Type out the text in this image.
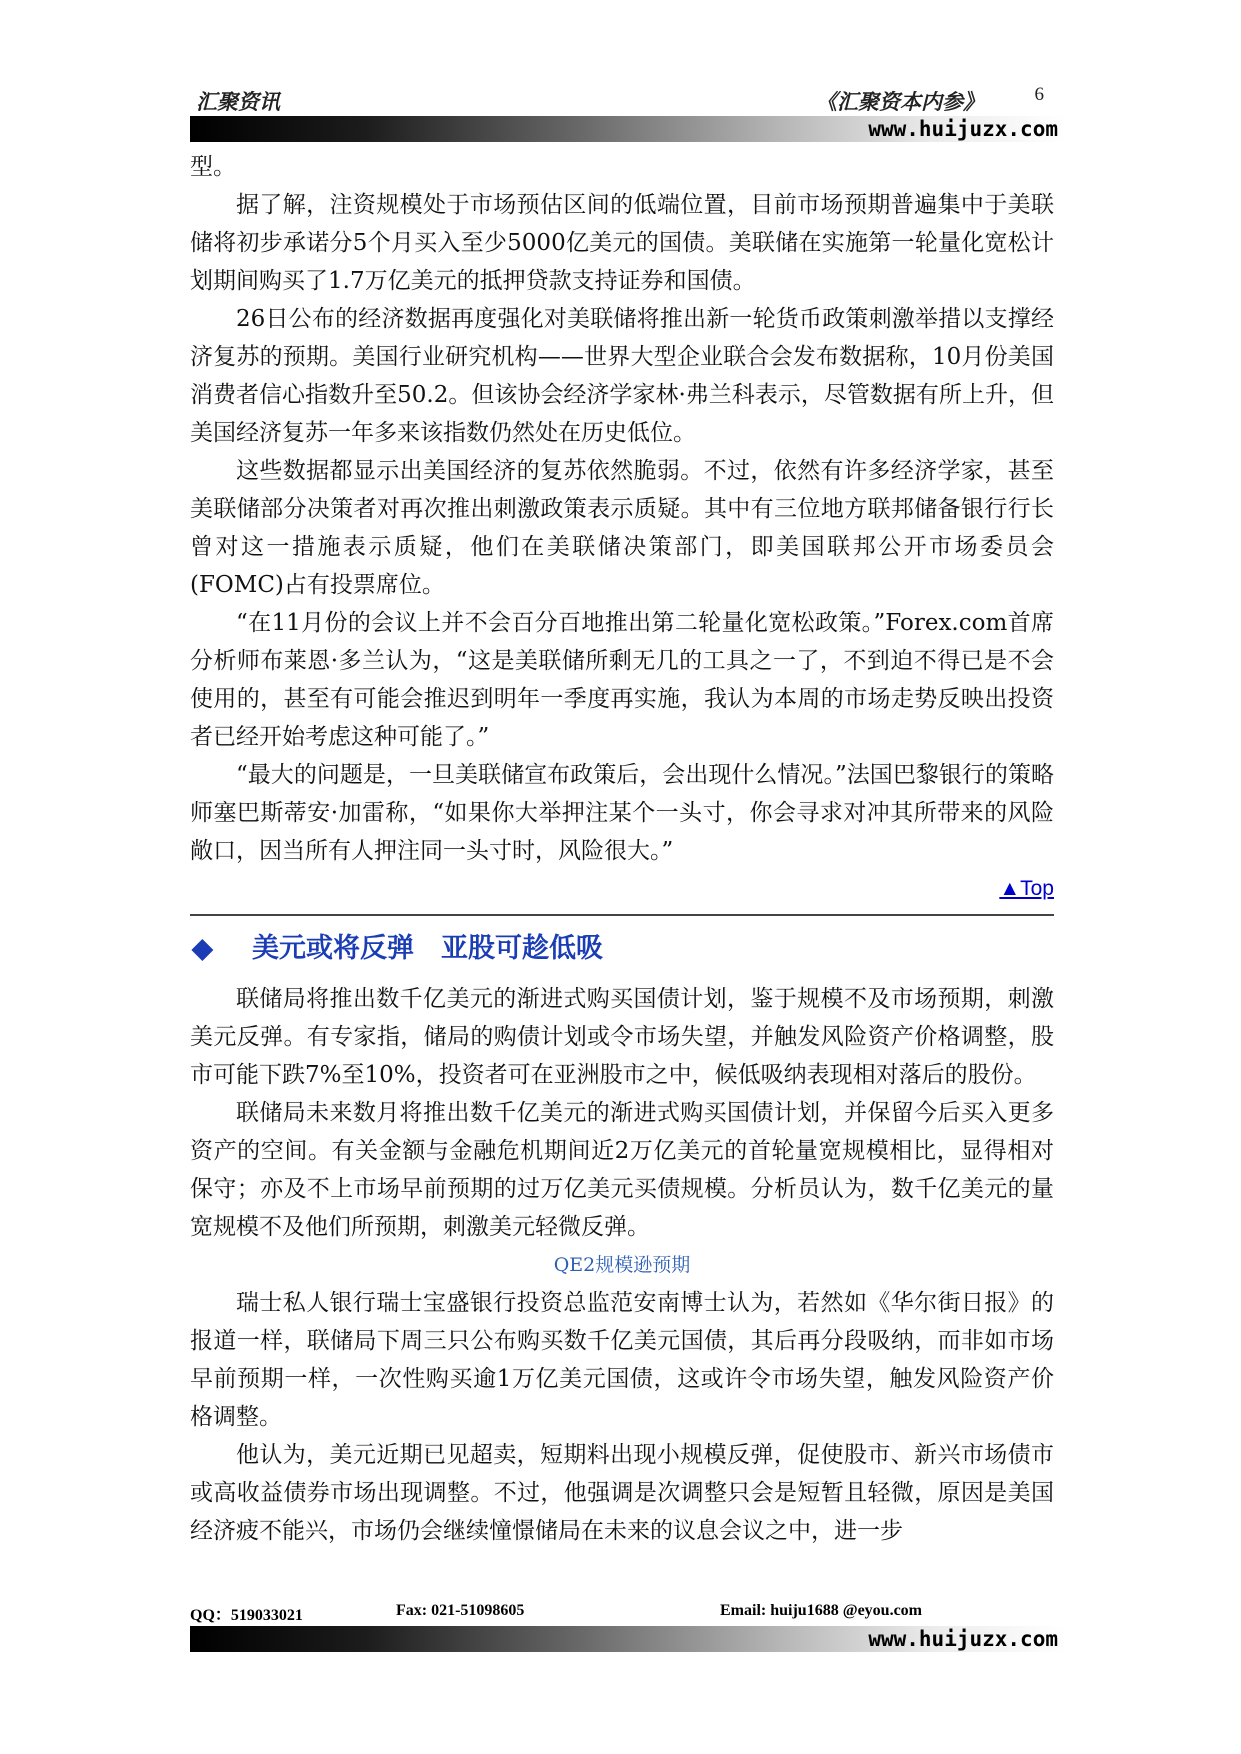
汇聚资讯	《汇聚资本内参》	6
www.huijuzx.com

型。

据了解，注资规模处于市场预估区间的低端位置，目前市场预期普遍集中于美联储将初步承诺分5个月买入至少5000亿美元的国债。美联储在实施第一轮量化宽松计划期间购买了1.7万亿美元的抵押贷款支持证券和国债。

26日公布的经济数据再度强化对美联储将推出新一轮货币政策刺激举措以支撑经济复苏的预期。美国行业研究机构——世界大型企业联合会发布数据称，10月份美国消费者信心指数升至50.2。但该协会经济学家林·弗兰科表示，尽管数据有所上升，但美国经济复苏一年多来该指数仍然处在历史低位。

这些数据都显示出美国经济的复苏依然脆弱。不过，依然有许多经济学家，甚至美联储部分决策者对再次推出刺激政策表示质疑。其中有三位地方联邦储备银行行长曾对这一措施表示质疑，他们在美联储决策部门，即美国联邦公开市场委员会(FOMC)占有投票席位。

“在11月份的会议上并不会百分百地推出第二轮量化宽松政策。”Forex.com首席分析师布莱恩·多兰认为，“这是美联储所剩无几的工具之一了，不到迫不得已是不会使用的，甚至有可能会推迟到明年一季度再实施，我认为本周的市场走势反映出投资者已经开始考虑这种可能了。”

“最大的问题是，一旦美联储宣布政策后，会出现什么情况。”法国巴黎银行的策略师塞巴斯蒂安·加雷称，“如果你大举押注某个一头寸，你会寻求对冲其所带来的风险敞口，因当所有人押注同一头寸时，风险很大。”

▲Top
◆ 美元或将反弹　亚股可趁低吸

联储局将推出数千亿美元的渐进式购买国债计划，鉴于规模不及市场预期，刺激美元反弹。有专家指，储局的购债计划或令市场失望，并触发风险资产价格调整，股市可能下跌7%至10%，投资者可在亚洲股市之中，候低吸纳表现相对落后的股份。

联储局未来数月将推出数千亿美元的渐进式购买国债计划，并保留今后买入更多资产的空间。有关金额与金融危机期间近2万亿美元的首轮量宽规模相比，显得相对保守；亦及不上市场早前预期的过万亿美元买债规模。分析员认为，数千亿美元的量宽规模不及他们所预期，刺激美元轻微反弹。

QE2规模逊预期

瑞士私人银行瑞士宝盛银行投资总监范安南博士认为，若然如《华尔街日报》的报道一样，联储局下周三只公布购买数千亿美元国债，其后再分段吸纳，而非如市场早前预期一样，一次性购买逾1万亿美元国债，这或许令市场失望，触发风险资产价格调整。

他认为，美元近期已见超卖，短期料出现小规模反弹，促使股市、新兴市场债市或高收益债券市场出现调整。不过，他强调是次调整只会是短暂且轻微，原因是美国经济疲不能兴，市场仍会继续憧憬储局在未来的议息会议之中，进一步

QQ：519033021	Fax: 021-51098605	Email: huiju1688 @eyou.com
www.huijuzx.com
